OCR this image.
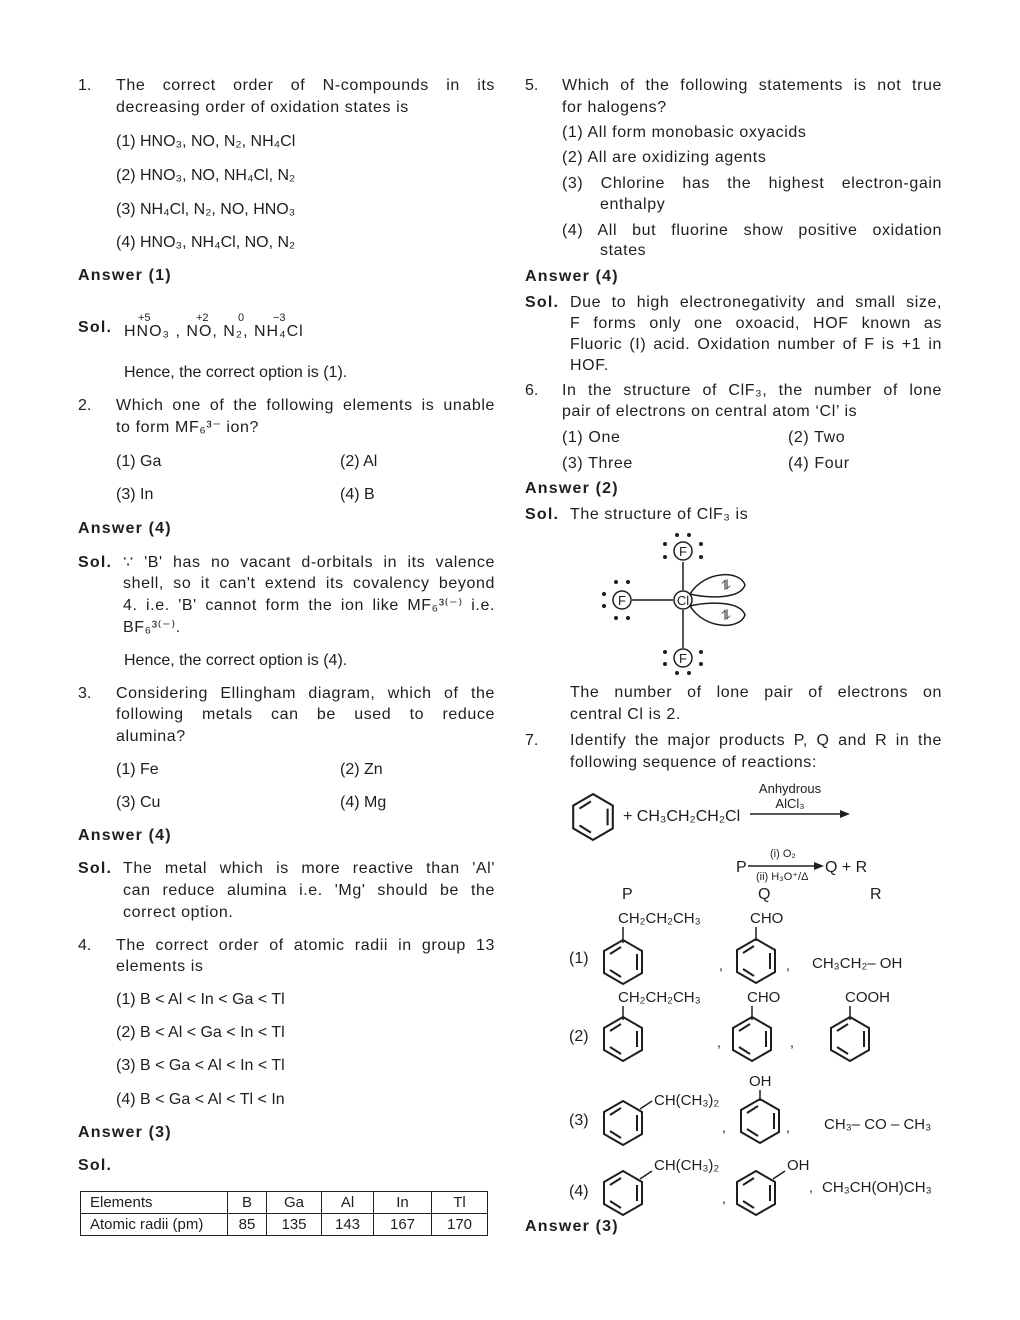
1. The correct order of N-compounds in its
decreasing order of oxidation states is
(1) HNO₃, NO, N₂, NH₄Cl
(2) HNO₃, NO, NH₄Cl, N₂
(3) NH₄Cl, N₂, NO, HNO₃
(4) HNO₃, NH₄Cl, NO, N₂
Answer (1)
Sol. HNO₃ , NO, N₂, NH₄Cl
+5	+2	0	−3
Hence, the correct option is (1).
2. Which one of the following elements is unable
to form MF₆³⁻ ion?
(1) Ga	(2) Al
(3) In	(4) B
Answer (4)
Sol. ∵ 'B' has no vacant d-orbitals in its valence
shell, so it can't extend its covalency beyond
4. i.e. 'B' cannot form the ion like MF₆³⁽⁻⁾ i.e.
BF₆³⁽⁻⁾.
Hence, the correct option is (4).
3. Considering Ellingham diagram, which of the
following metals can be used to reduce
alumina?
(1) Fe	(2) Zn
(3) Cu	(4) Mg
Answer (4)
Sol. The metal which is more reactive than 'Al'
can reduce alumina i.e. 'Mg' should be the
correct option.
4. The correct order of atomic radii in group 13
elements is
(1) B < Al < In < Ga < Tl
(2) B < Al < Ga < In < Tl
(3) B < Ga < Al < In < Tl
(4) B < Ga < Al < Tl < In
Answer (3)
Sol.
Elements	B	Ga	Al	In	Tl
Atomic radii (pm)	85	135	143	167	170
5. Which of the following statements is not true
for halogens?
(1) All form monobasic oxyacids
(2) All are oxidizing agents
(3) Chlorine has the highest electron-gain
enthalpy
(4) All but fluorine show positive oxidation
states
Answer (4)
Sol. Due to high electronegativity and small size,
F forms only one oxoacid, HOF known as
Fluoric (I) acid. Oxidation number of F is +1 in
HOF.
6. In the structure of ClF₃, the number of lone
pair of electrons on central atom ‘Cl’ is
(1) One	(2) Two
(3) Three	(4) Four
Answer (2)
Sol. The structure of ClF₃ is
F
Cl
F
F
⥮
⥮
The number of lone pair of electrons on
central Cl is 2.
7. Identify the major products P, Q and R in the
following sequence of reactions:
+ CH₃CH₂CH₂Cl
Anhydrous
AlCl₃
P
(i) O₂
(ii) H₃O⁺/Δ
Q + R
P	Q	R
(1)
CH₂CH₂CH₃
,
CHO
, CH₃CH₂– OH
(2)
CH₂CH₂CH₃
,
CHO
,
COOH
(3)
CH(CH₃)₂
,
OH
, CH₃– CO – CH₃
(4)
CH(CH₃)₂
,
OH
, CH₃CH(OH)CH₃
Answer (3)
